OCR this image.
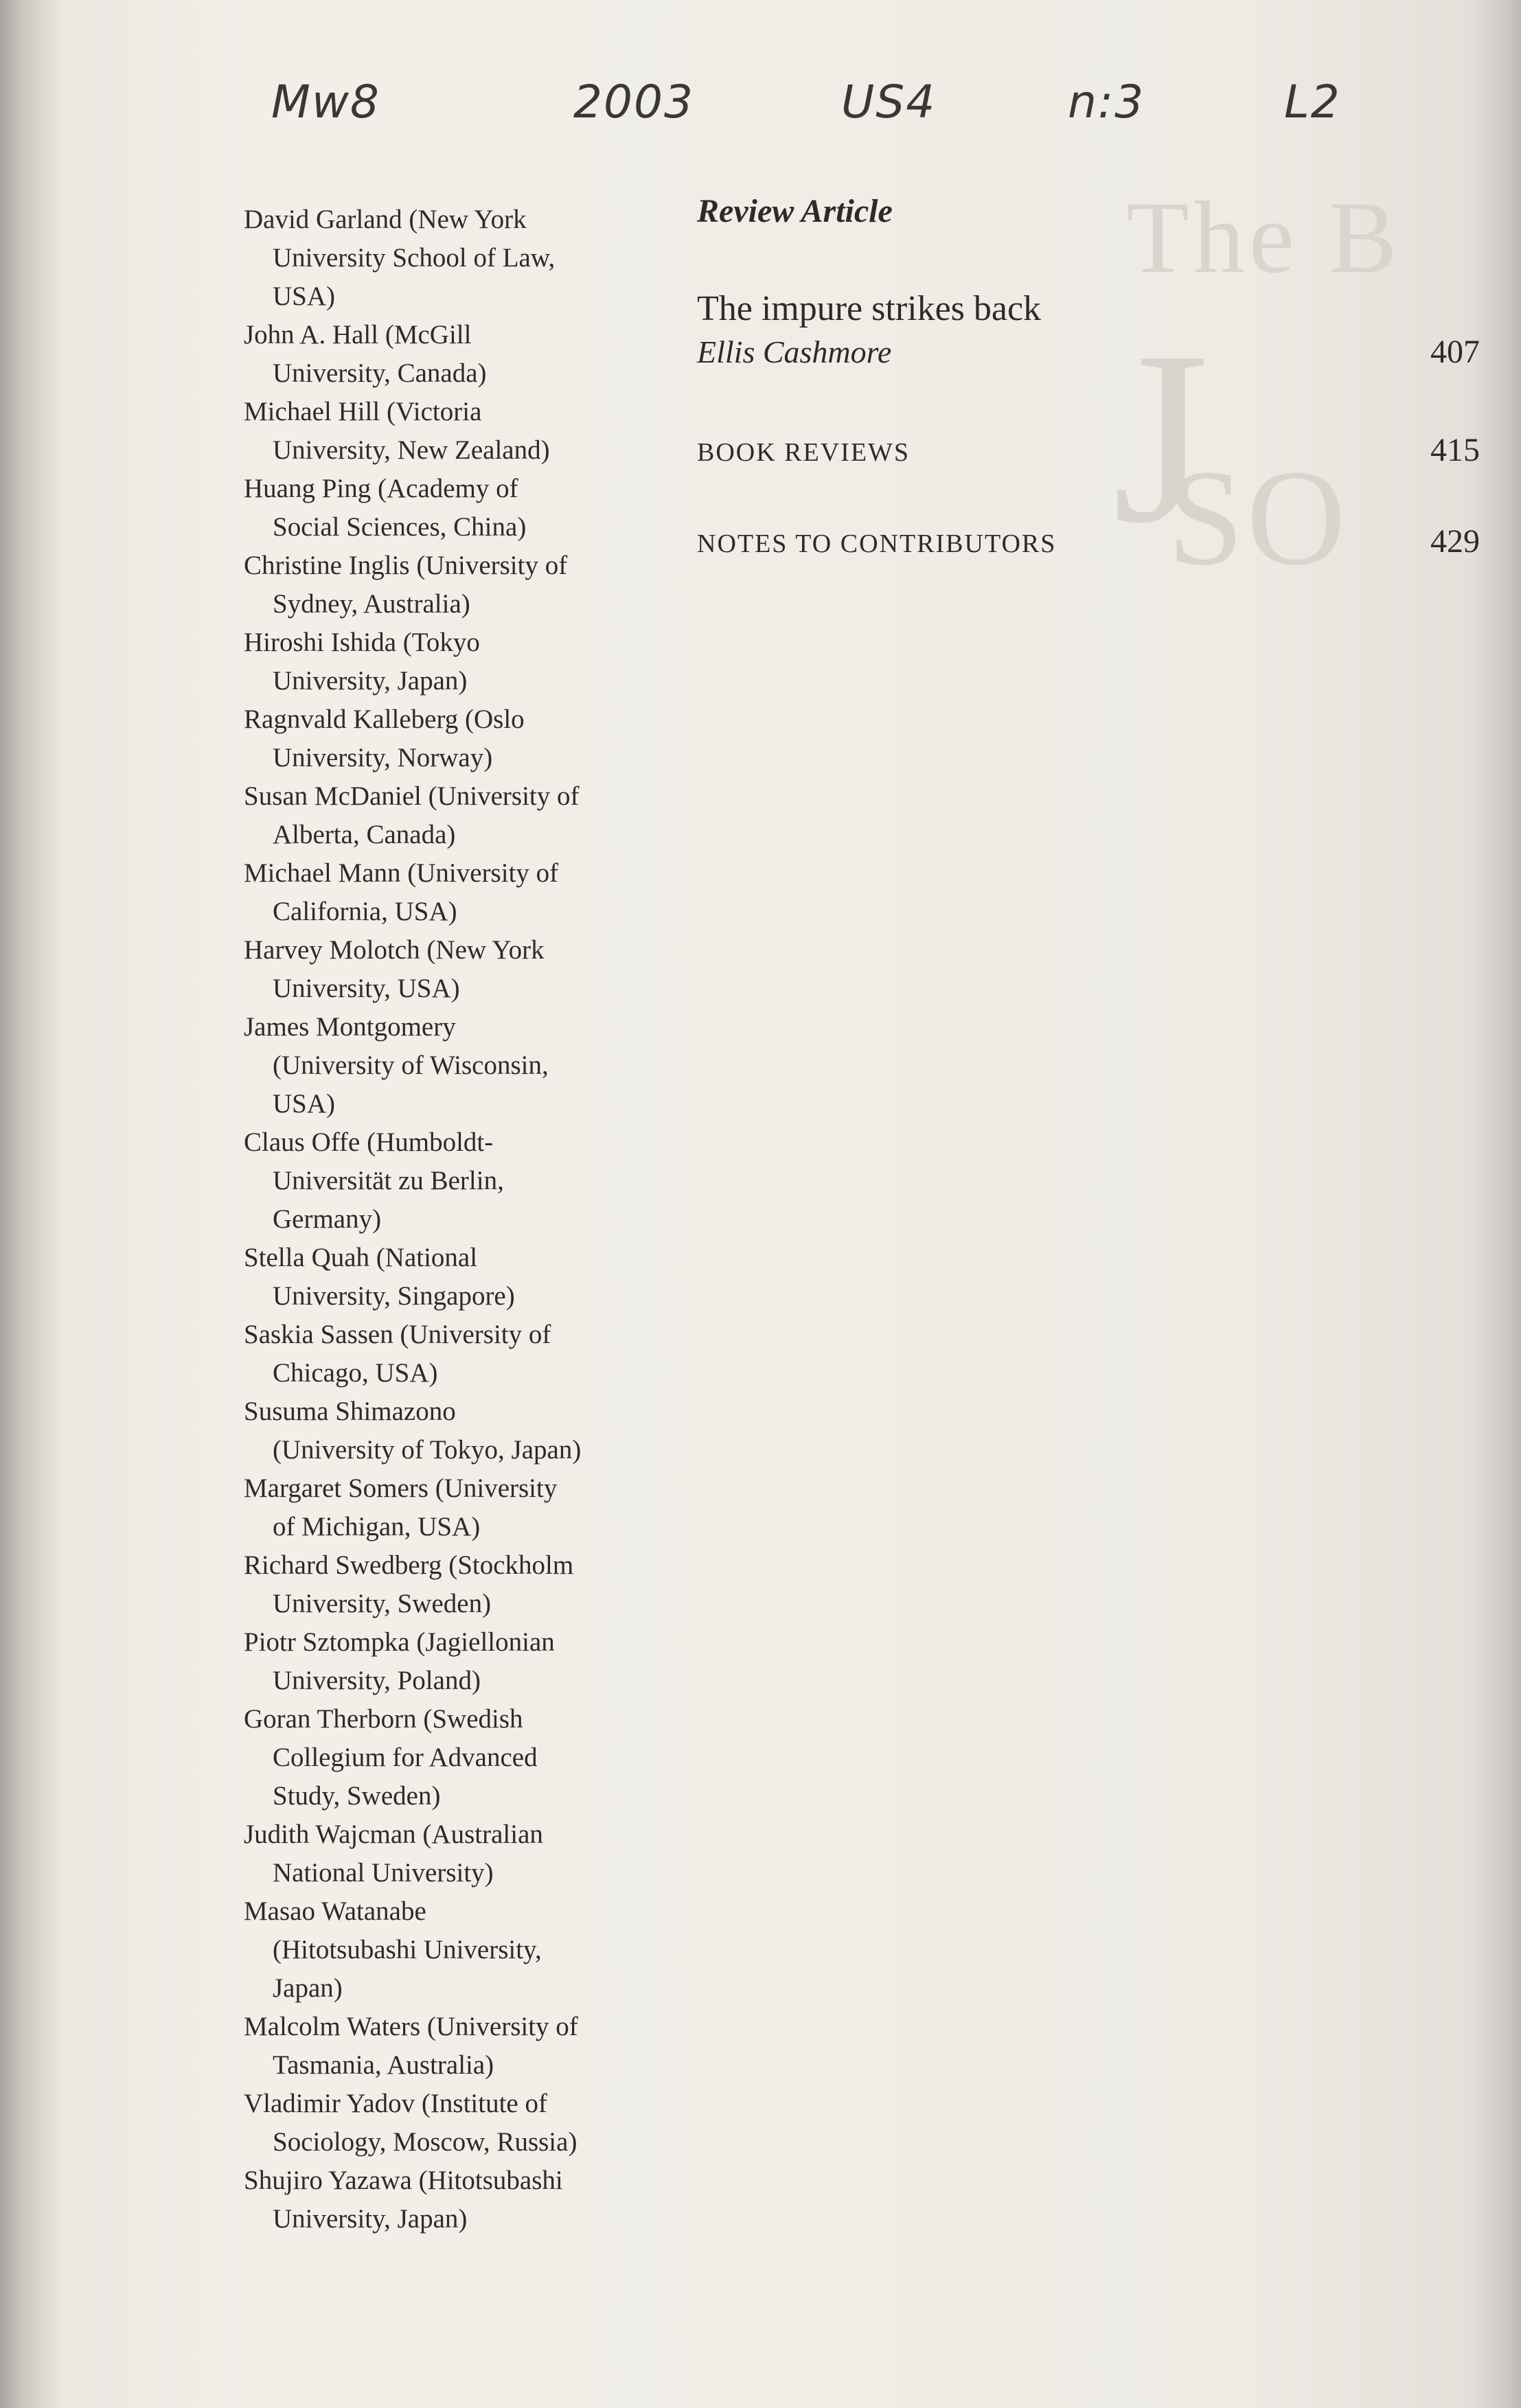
The B
J
SO
Mw8	2003	US4	n:3	L2
David Garland (New York
University School of Law,
USA)
John A. Hall (McGill
University, Canada)
Michael Hill (Victoria
University, New Zealand)
Huang Ping (Academy of
Social Sciences, China)
Christine Inglis (University of
Sydney, Australia)
Hiroshi Ishida (Tokyo
University, Japan)
Ragnvald Kalleberg (Oslo
University, Norway)
Susan McDaniel (University of
Alberta, Canada)
Michael Mann (University of
California, USA)
Harvey Molotch (New York
University, USA)
James Montgomery
(University of Wisconsin,
USA)
Claus Offe (Humboldt-
Universität zu Berlin,
Germany)
Stella Quah (National
University, Singapore)
Saskia Sassen (University of
Chicago, USA)
Susuma Shimazono
(University of Tokyo, Japan)
Margaret Somers (University
of Michigan, USA)
Richard Swedberg (Stockholm
University, Sweden)
Piotr Sztompka (Jagiellonian
University, Poland)
Goran Therborn (Swedish
Collegium for Advanced
Study, Sweden)
Judith Wajcman (Australian
National University)
Masao Watanabe
(Hitotsubashi University,
Japan)
Malcolm Waters (University of
Tasmania, Australia)
Vladimir Yadov (Institute of
Sociology, Moscow, Russia)
Shujiro Yazawa (Hitotsubashi
University, Japan)
Review Article
The impure strikes back
Ellis Cashmore	407
BOOK REVIEWS	415
NOTES TO CONTRIBUTORS	429
